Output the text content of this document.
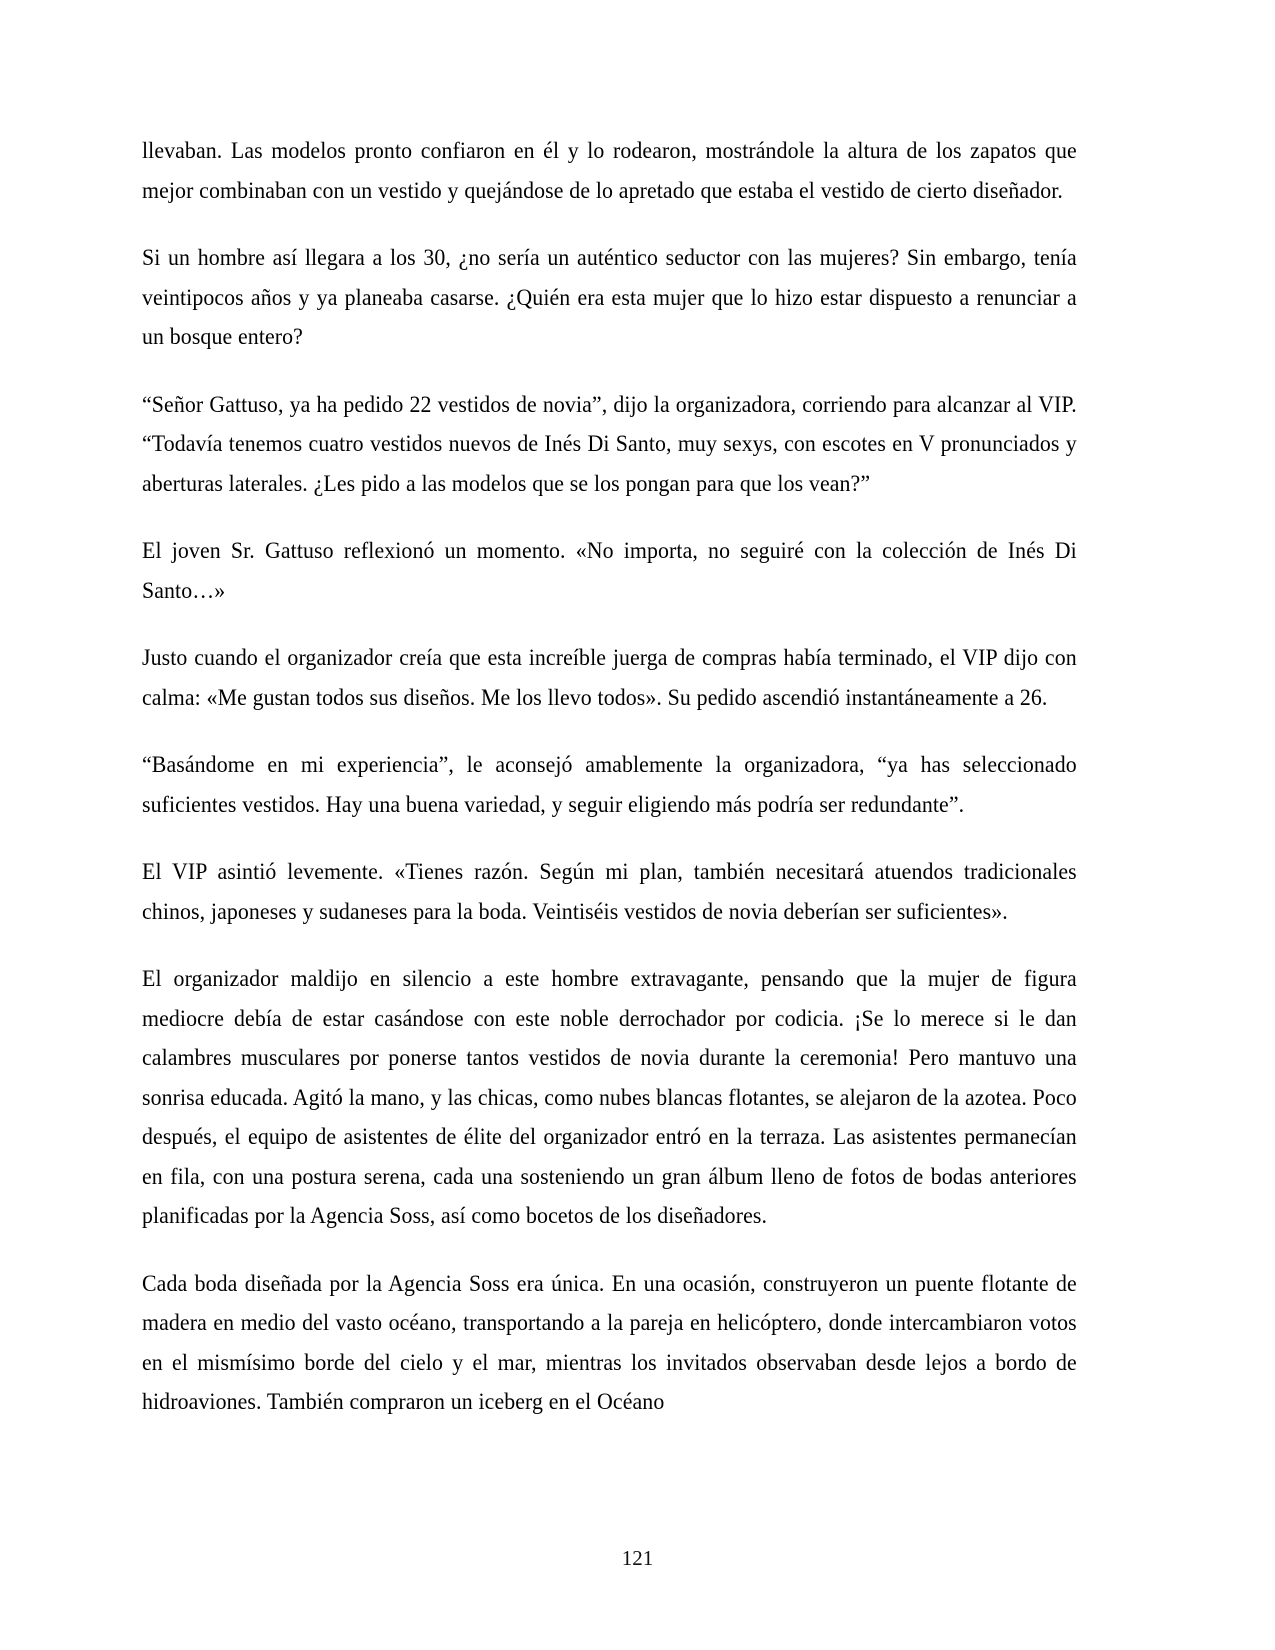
llevaban. Las modelos pronto confiaron en él y lo rodearon, mostrándole la altura de los zapatos que mejor combinaban con un vestido y quejándose de lo apretado que estaba el vestido de cierto diseñador.

Si un hombre así llegara a los 30, ¿no sería un auténtico seductor con las mujeres? Sin embargo, tenía veintipocos años y ya planeaba casarse. ¿Quién era esta mujer que lo hizo estar dispuesto a renunciar a un bosque entero?

“Señor Gattuso, ya ha pedido 22 vestidos de novia”, dijo la organizadora, corriendo para alcanzar al VIP. “Todavía tenemos cuatro vestidos nuevos de Inés Di Santo, muy sexys, con escotes en V pronunciados y aberturas laterales. ¿Les pido a las modelos que se los pongan para que los vean?”

El joven Sr. Gattuso reflexionó un momento. «No importa, no seguiré con la colección de Inés Di Santo…»

Justo cuando el organizador creía que esta increíble juerga de compras había terminado, el VIP dijo con calma: «Me gustan todos sus diseños. Me los llevo todos». Su pedido ascendió instantáneamente a 26.

“Basándome en mi experiencia”, le aconsejó amablemente la organizadora, “ya has seleccionado suficientes vestidos. Hay una buena variedad, y seguir eligiendo más podría ser redundante”.

El VIP asintió levemente. «Tienes razón. Según mi plan, también necesitará atuendos tradicionales chinos, japoneses y sudaneses para la boda. Veintiséis vestidos de novia deberían ser suficientes».

El organizador maldijo en silencio a este hombre extravagante, pensando que la mujer de figura mediocre debía de estar casándose con este noble derrochador por codicia. ¡Se lo merece si le dan calambres musculares por ponerse tantos vestidos de novia durante la ceremonia! Pero mantuvo una sonrisa educada. Agitó la mano, y las chicas, como nubes blancas flotantes, se alejaron de la azotea. Poco después, el equipo de asistentes de élite del organizador entró en la terraza. Las asistentes permanecían en fila, con una postura serena, cada una sosteniendo un gran álbum lleno de fotos de bodas anteriores planificadas por la Agencia Soss, así como bocetos de los diseñadores.

Cada boda diseñada por la Agencia Soss era única. En una ocasión, construyeron un puente flotante de madera en medio del vasto océano, transportando a la pareja en helicóptero, donde intercambiaron votos en el mismísimo borde del cielo y el mar, mientras los invitados observaban desde lejos a bordo de hidroaviones. También compraron un iceberg en el Océano

121
